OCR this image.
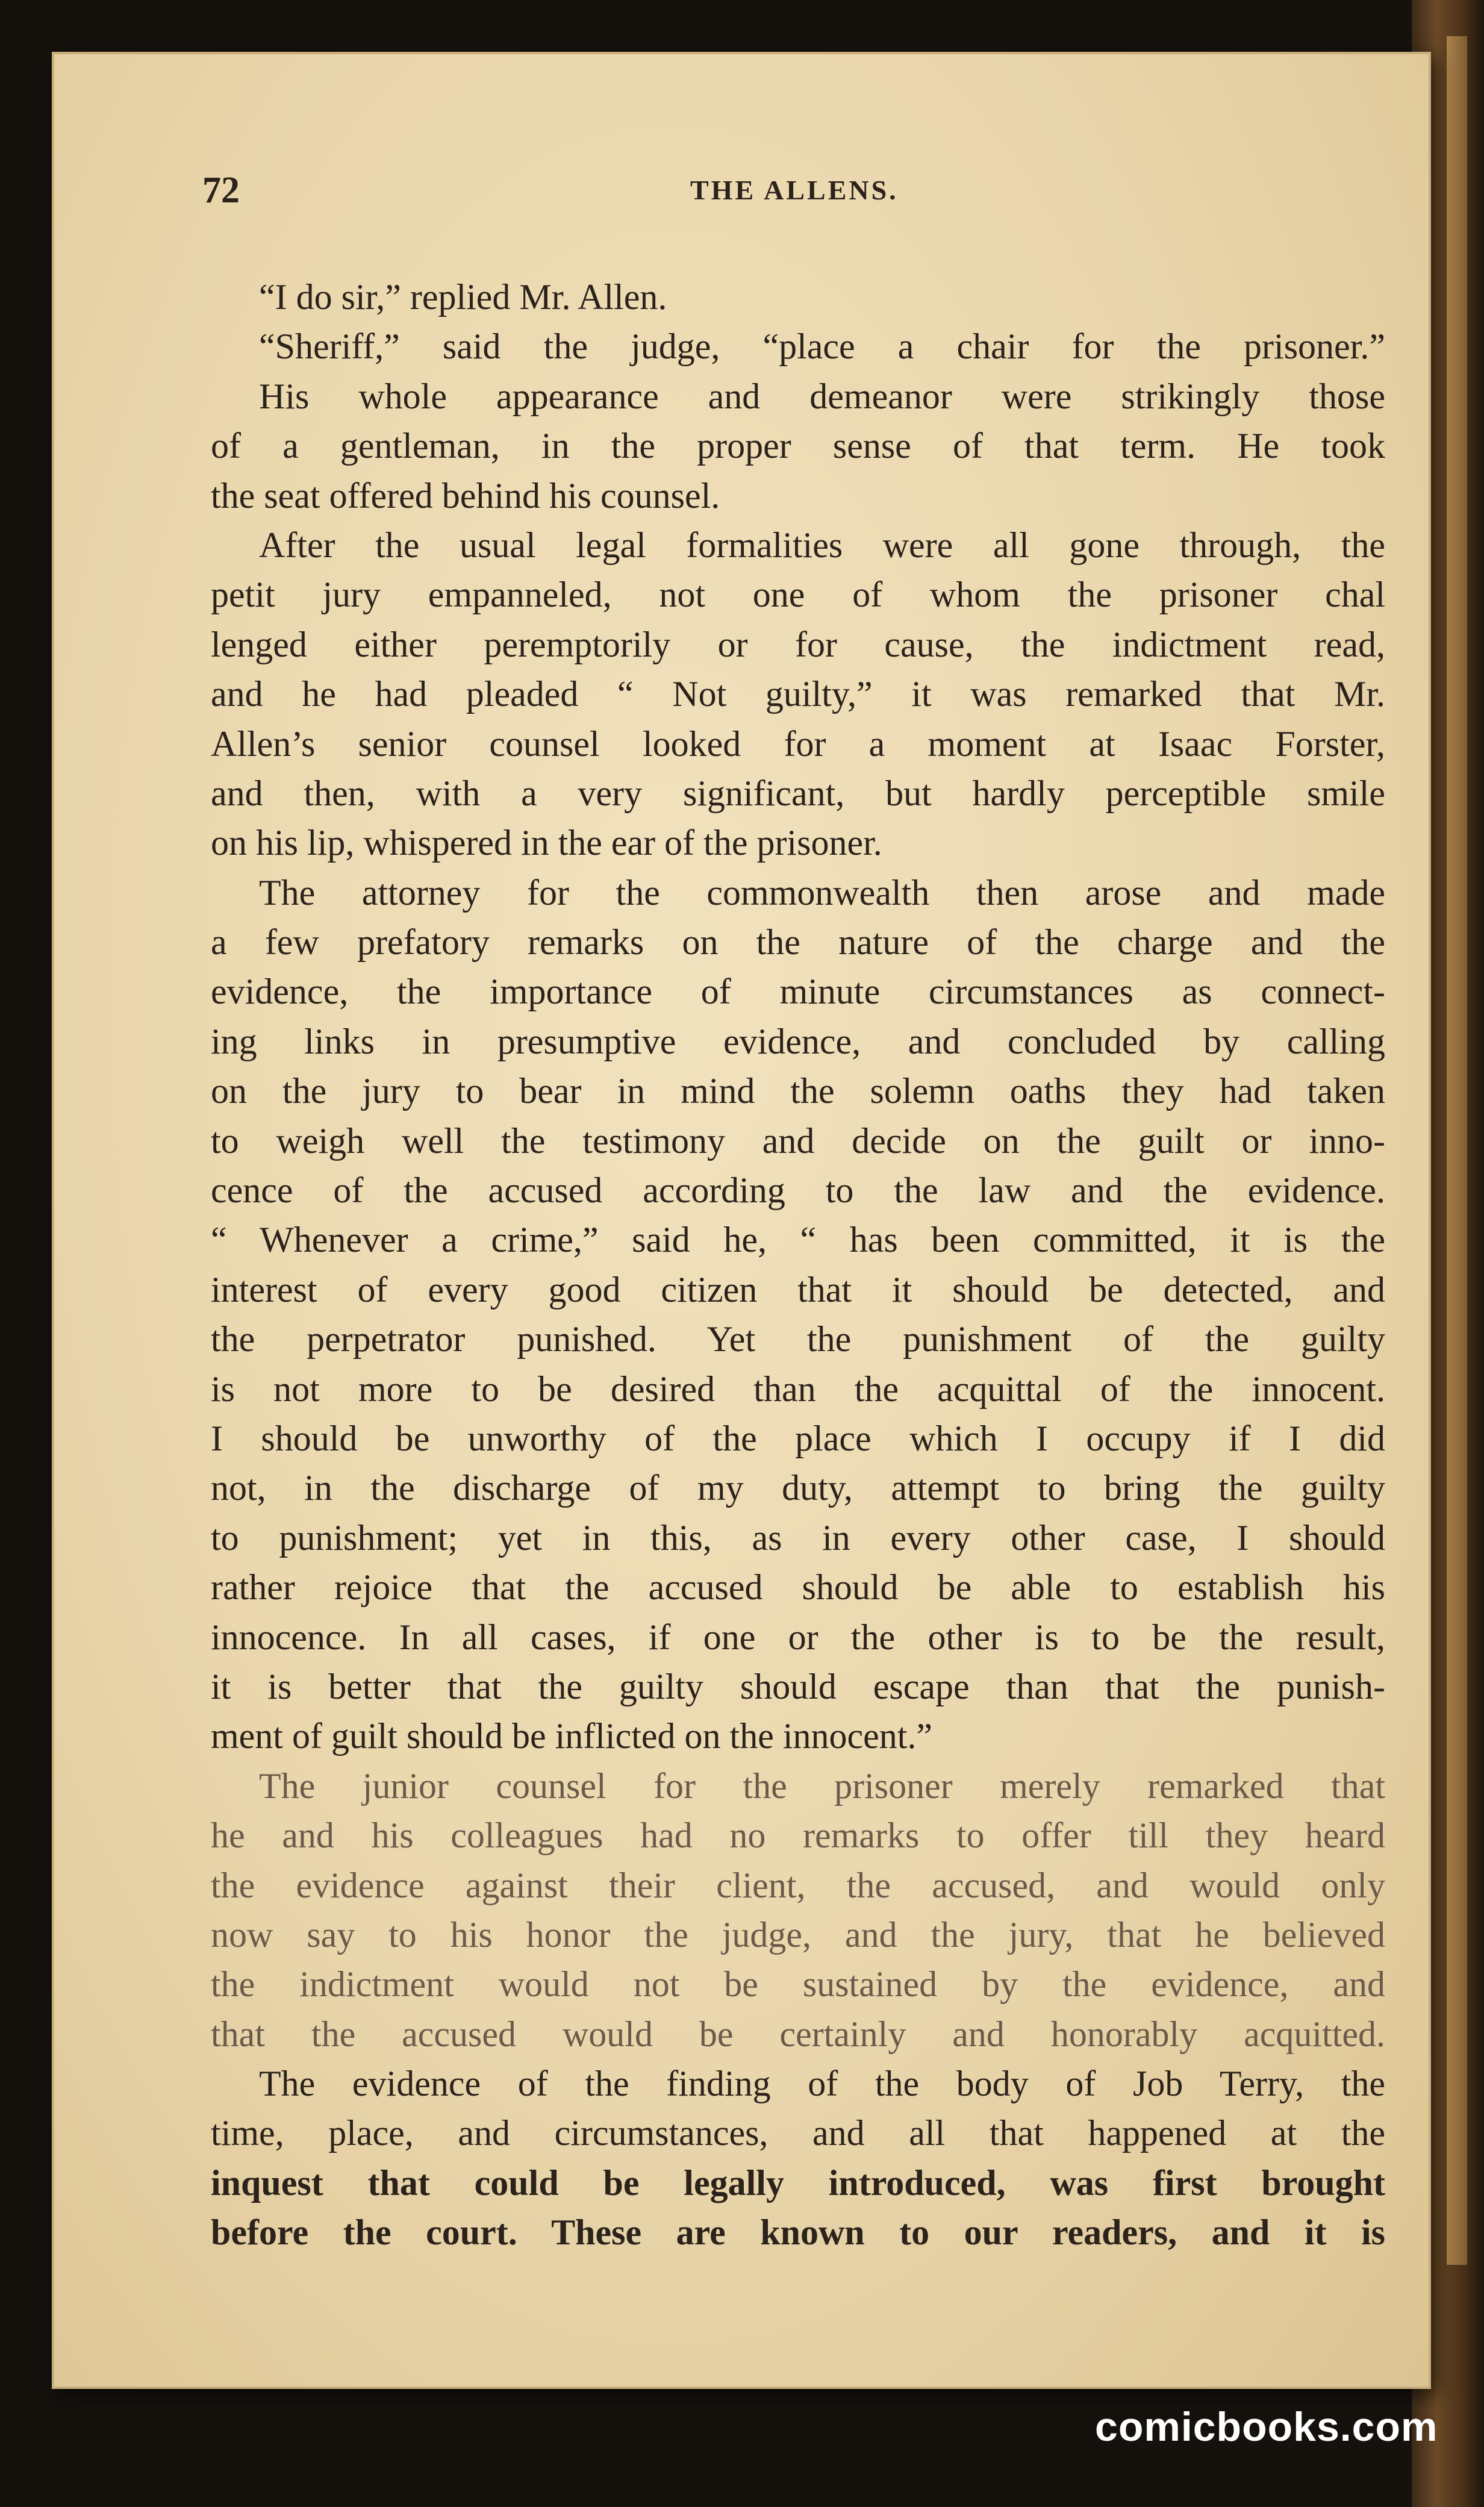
72	THE ALLENS.
“I do sir,” replied Mr. Allen.
“Sheriff,” said the judge, “place a chair for the prisoner.”
His whole appearance and demeanor were strikingly those
of a gentleman, in the proper sense of that term. He took
the seat offered behind his counsel.
After the usual legal formalities were all gone through, the
petit jury empanneled, not one of whom the prisoner chal
lenged either peremptorily or for cause, the indictment read,
and he had pleaded “ Not guilty,” it was remarked that Mr.
Allen’s senior counsel looked for a moment at Isaac Forster,
and then, with a very significant, but hardly perceptible smile
on his lip, whispered in the ear of the prisoner.
The attorney for the commonwealth then arose and made
a few prefatory remarks on the nature of the charge and the
evidence, the importance of minute circumstances as connect-
ing links in presumptive evidence, and concluded by calling
on the jury to bear in mind the solemn oaths they had taken
to weigh well the testimony and decide on the guilt or inno-
cence of the accused according to the law and the evidence.
“ Whenever a crime,” said he, “ has been committed, it is the
interest of every good citizen that it should be detected, and
the perpetrator punished. Yet the punishment of the guilty
is not more to be desired than the acquittal of the innocent.
I should be unworthy of the place which I occupy if I did
not, in the discharge of my duty, attempt to bring the guilty
to punishment; yet in this, as in every other case, I should
rather rejoice that the accused should be able to establish his
innocence. In all cases, if one or the other is to be the result,
it is better that the guilty should escape than that the punish-
ment of guilt should be inflicted on the innocent.”
The junior counsel for the prisoner merely remarked that
he and his colleagues had no remarks to offer till they heard
the evidence against their client, the accused, and would only
now say to his honor the judge, and the jury, that he believed
the indictment would not be sustained by the evidence, and
that the accused would be certainly and honorably acquitted.
The evidence of the finding of the body of Job Terry, the
time, place, and circumstances, and all that happened at the
inquest that could be legally introduced, was first brought
before the court. These are known to our readers, and it is
comicbooks.com
